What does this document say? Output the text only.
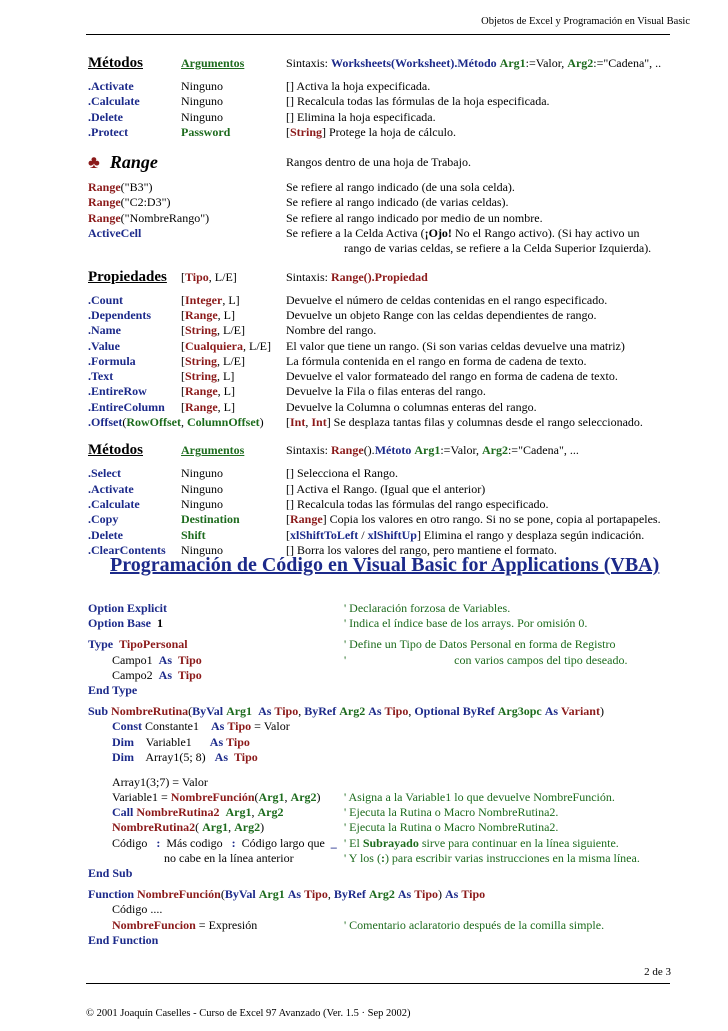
Objetos de Excel y Programación en Visual Basic
Métodos	Argumentos	Sintaxis: Worksheets(Worksheet).Método Arg1:=Valor, Arg2:="Cadena", ..
.Activate	Ninguno	[] Activa la hoja expecificada.
.Calculate	Ninguno	[] Recalcula todas las fórmulas de la hoja especificada.
.Delete	Ninguno	[] Elimina la hoja especificada.
.Protect	Password	[String] Protege la hoja de cálculo.
♣ Range	Rangos dentro de una hoja de Trabajo.
Range("B3")	Se refiere al rango indicado (de una sola celda).
Range("C2:D3")	Se refiere al rango indicado (de varias celdas).
Range("NombreRango")	Se refiere al rango indicado por medio de un nombre.
ActiveCell	Se refiere a la Celda Activa (¡Ojo! No el Rango activo). (Si hay activo un
rango de varias celdas, se refiere a la Celda Superior Izquierda).
Propiedades [Tipo, L/E]	Sintaxis: Range().Propiedad
.Count	[Integer, L]	Devuelve el número de celdas contenidas en el rango especificado.
.Dependents [Range, L]	Devuelve un objeto Range con las celdas dependientes de rango.
.Name	[String, L/E]	Nombre del rango.
.Value	[Cualquiera, L/E] El valor que tiene un rango. (Si son varias celdas devuelve una matriz)
.Formula	[String, L/E]	La fórmula contenida en el rango en forma de cadena de texto.
.Text	[String, L]	Devuelve el valor formateado del rango en forma de cadena de texto.
.EntireRow	[Range, L]	Devuelve la Fila o filas enteras del rango.
.EntireColumn [Range, L]	Devuelve la Columna o columnas enteras del rango.
.Offset(RowOffset, ColumnOffset) [Int, Int] Se desplaza tantas filas y columnas desde el rango seleccionado.
Métodos	Argumentos	Sintaxis: Range().Métoto Arg1:=Valor, Arg2:="Cadena", ...
.Select	Ninguno	[] Selecciona el Rango.
.Activate	Ninguno	[] Activa el Rango. (Igual que el anterior)
.Calculate	Ninguno	[] Recalcula todas las fórmulas del rango especificado.
.Copy	Destination	[Range] Copia los valores en otro rango. Si no se pone, copia al portapapeles.
.Delete	Shift	[xlShiftToLeft / xlShiftUp] Elimina el rango y desplaza según indicación.
.ClearContents Ninguno	[] Borra los valores del rango, pero mantiene el formato.
Programación de Código en Visual Basic for Applications (VBA)
Option Explicit	' Declaración forzosa de Variables.
Option Base 1	' Indica el índice base de los arrays. Por omisión 0.
Type TipoPersonal	' Define un Tipo de Datos Personal en forma de Registro
Campo1 As Tipo	'	con varios campos del tipo deseado.
Campo2 As Tipo
End Type
Sub NombreRutina(ByVal Arg1 As Tipo, ByRef Arg2 As Tipo, Optional ByRef Arg3opc As Variant)
Const Constante1 As Tipo = Valor
Dim Variable1 As Tipo
Dim Array1(5; 8) As Tipo
Array1(3;7) = Valor
Variable1 = NombreFunción(Arg1, Arg2) ' Asigna a la Variable1 lo que devuelve NombreFunción.
Call NombreRutina2 Arg1, Arg2	' Ejecuta la Rutina o Macro NombreRutina2.
NombreRutina2( Arg1, Arg2)	' Ejecuta la Rutina o Macro NombreRutina2.
Código : Más codigo : Código largo que _ ' El Subrayado sirve para continuar en la línea siguiente.
no cabe en la línea anterior	' Y los (:) para escribir varias instrucciones en la misma línea.
End Sub
Function NombreFunción(ByVal Arg1 As Tipo, ByRef Arg2 As Tipo) As Tipo
Código ....
NombreFuncion = Expresión	' Comentario aclaratorio después de la comilla simple.
End Function
2 de 3
© 2001 Joaquín Caselles - Curso de Excel 97 Avanzado (Ver. 1.5 · Sep 2002)
